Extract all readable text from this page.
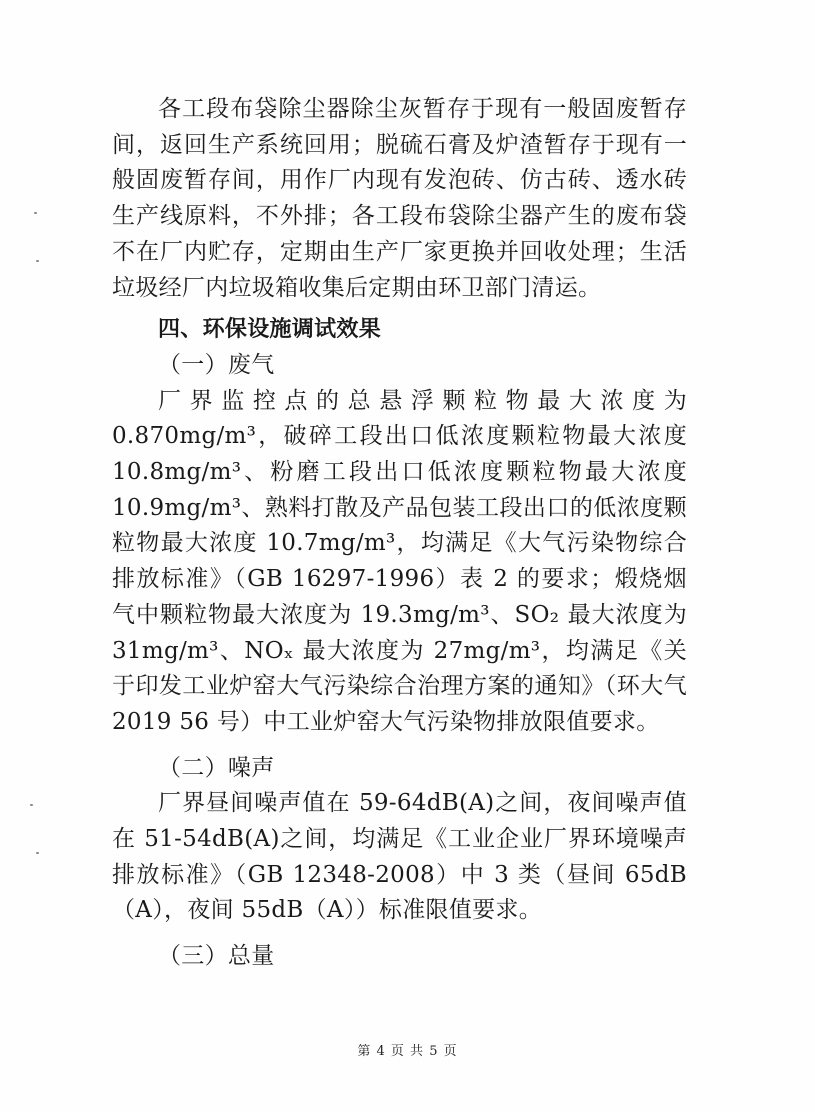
各工段布袋除尘器除尘灰暂存于现有一般固废暂存间，返回生产系统回用；脱硫石膏及炉渣暂存于现有一般固废暂存间，用作厂内现有发泡砖、仿古砖、透水砖生产线原料，不外排；各工段布袋除尘器产生的废布袋不在厂内贮存，定期由生产厂家更换并回收处理；生活垃圾经厂内垃圾箱收集后定期由环卫部门清运。

四、环保设施调试效果

（一）废气

厂界监控点的总悬浮颗粒物最大浓度为 0.870mg/m³，破碎工段出口低浓度颗粒物最大浓度 10.8mg/m³、粉磨工段出口低浓度颗粒物最大浓度 10.9mg/m³、熟料打散及产品包装工段出口的低浓度颗粒物最大浓度 10.7mg/m³，均满足《大气污染物综合排放标准》（GB 16297-1996）表 2 的要求；煅烧烟气中颗粒物最大浓度为 19.3mg/m³、SO₂ 最大浓度为 31mg/m³、NOₓ 最大浓度为 27mg/m³，均满足《关于印发工业炉窑大气污染综合治理方案的通知》（环大气 2019 56 号）中工业炉窑大气污染物排放限值要求。

（二）噪声

厂界昼间噪声值在 59-64dB(A)之间，夜间噪声值在 51-54dB(A)之间，均满足《工业企业厂界环境噪声排放标准》（GB 12348-2008）中 3 类（昼间 65dB（A），夜间 55dB（A））标准限值要求。

（三）总量

第 4 页 共 5 页
